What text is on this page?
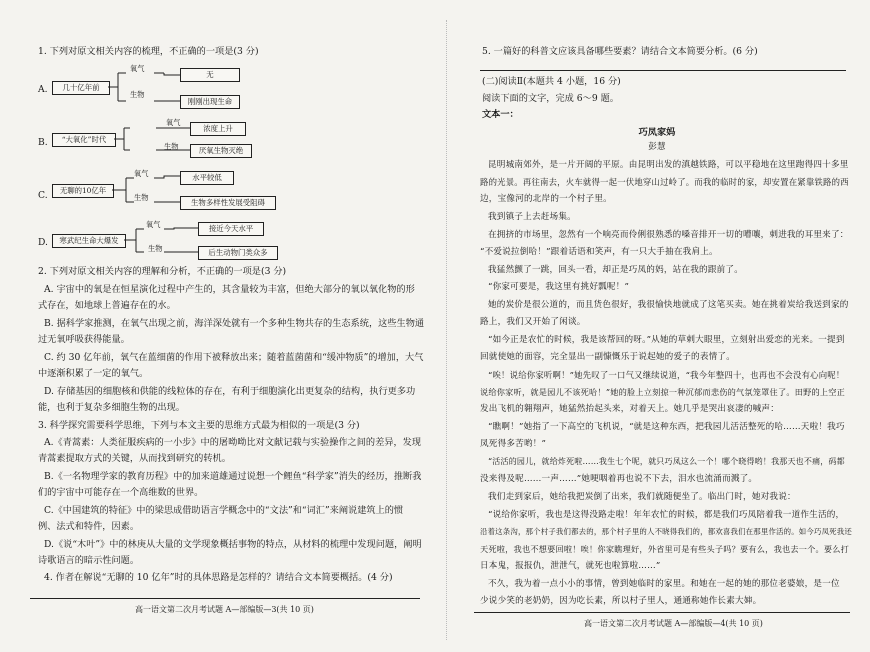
1. 下列对原文相关内容的梳理，不正确的一项是(3 分)
A.	几十亿年前
氧气
生物
无
刚刚出现生命
B.	“大氧化”时代
氧气
生物
浓度上升
厌氧生物灭绝
C.	无聊的10亿年
氧气
生物
水平较低
生物多样性发展受阻碍
D.	寒武纪生命大爆发
氧气
生物
接近今天水平
后生动物门类众多
2. 下列对原文相关内容的理解和分析，不正确的一项是(3 分)
A. 宇宙中的氧是在恒星演化过程中产生的，其含量较为丰富，但绝大部分的氧以氧化物的形
式存在，如地球上普遍存在的水。
B. 据科学家推测，在氧气出现之前，海洋深处就有一个多种生物共存的生态系统，这些生物通
过无氧呼吸获得能量。
C. 约 30 亿年前，氧气在蓝细菌的作用下被释放出来；随着蓝菌菌和“缓冲物质”的增加，大气
中逐渐积累了一定的氧气。
D. 存储基因的细胞核和供能的线粒体的存在，有利于细胞演化出更复杂的结构，执行更多功
能，也利于复杂多细胞生物的出现。
3. 科学探究需要科学思维，下列与本文主要的思维方式最为相似的一项是(3 分)
A.《青蒿素：人类征服疾病的一小步》中的屠呦呦比对文献记载与实验操作之间的差异，发现
青蒿素提取方式的关键，从而找到研究的转机。
B.《一名物理学家的教育历程》中的加来道雄通过说想一个鲤鱼“科学家”消失的经历，推断我
们的宇宙中可能存在一个高维数的世界。
C.《中国建筑的特征》中的梁思成借助语言学概念中的“文法”和“词汇”来阐说建筑上的惯
例、法式和特件，因素。
D.《说“木叶”》中的林庚从大量的文学现象概括事物的特点，从材料的梳理中发现问题，阐明
诗歌语言的暗示性问题。
4. 作者在解说“无聊的 10 亿年”时的具体思路是怎样的？请结合文本简要概括。(4 分)
高一语文第二次月考试题 A—部编版—3(共 10 页)
5. 一篇好的科普文应该具备哪些要素？请结合文本简要分析。(6 分)
(二)阅读Ⅱ(本题共 4 小题，16 分)
阅读下面的文字，完成 6～9 题。
文本一：
巧凤家妈
彭慧
昆明城南郊外，是一片开阔的平原。由昆明出发的滇越铁路，可以平稳地在这里跑得四十多里
路的光景。再往南去，火车就得一起一伏地穿山过岭了。而我的临时的家，却安置在紧靠铁路的西
边，宝像河的北岸的一个村子里。
我到镇子上去赶场集。
在拥挤的市场里，忽然有一个响亮而伶俐很熟悉的嗓音排开一切的嘈嚷，刺进我的耳里来了：
“不爱说拉倒哈！”跟着话语和笑声，有一只大手抽在我肩上。
我猛然颤了一跳，回头一看，却正是巧凤的妈，站在我的跟前了。
“你家可要是，我这里有挑好瓢呢！”
她的炭价是很公道的，而且货色很好，我很愉快地就成了这笔买卖。她在挑着炭给我送到家的
路上，我们又开始了闲谈。
“如今正是农忙的时候，我是该帮回的呀。”从她的草剌大眼里，立刻射出爱恋的光来。一提到
回就使她的面容，完全显出一副慷慨乐于说起她的爱子的表情了。
“唉！说给你家听啊！”她先叹了一口气又继续说道，“我今年整四十，也再也不会没有心向呢！
说给你家听，就是园儿不该死哈！”她的脸上立刻掠一种沉郁而悲伤的气氛笼罩住了。田野的上空正
发出飞机的翱翔声，她猛然抬起头来，对着天上。她几乎是哭出哀凄的喊声：
“瞧啊！”她指了一下高空的飞机说，“就是这种东西，把我园儿活活整死的哈……天啦！我巧
凤死得多苦哟！”
“活活的园儿，就给炸死啦……我生七个呢，就只巧凤这么一个！哪个晓得哟！我那天也不痛，码都
没来得及呢……一声……”她哽咽着再也说不下去，泪水也流涌而溅了。
我们走到家后，她给我把炭倒了出来，我们就随便坐了。临出门时，她对我说：
“说给你家听，我也是这得没路走啦！年年农忙的时候，都是我们巧凤陪着我一道作生活的，
沿着这条沟，那个村子我们都去的，那个村子里的人不晓得我们的，都欢喜我们在那里作活的。如今巧凤死我还
天死啦，我也不想要回啦！唉！你家瞧理好，外省里可是有些头子吗？要有么，我也去一个。要么打
日本鬼，报报仇，泄泄气，就死也啦算啦……”
不久，我为着一点小小的事情，曾到她临时的家里。和她在一起的她的那位老婆娘，是一位
少说少笑的老奶奶，因为吃长素，所以村子里人，通通称她作长素大婶。
高一语文第二次月考试题 A—部编版—4(共 10 页)
